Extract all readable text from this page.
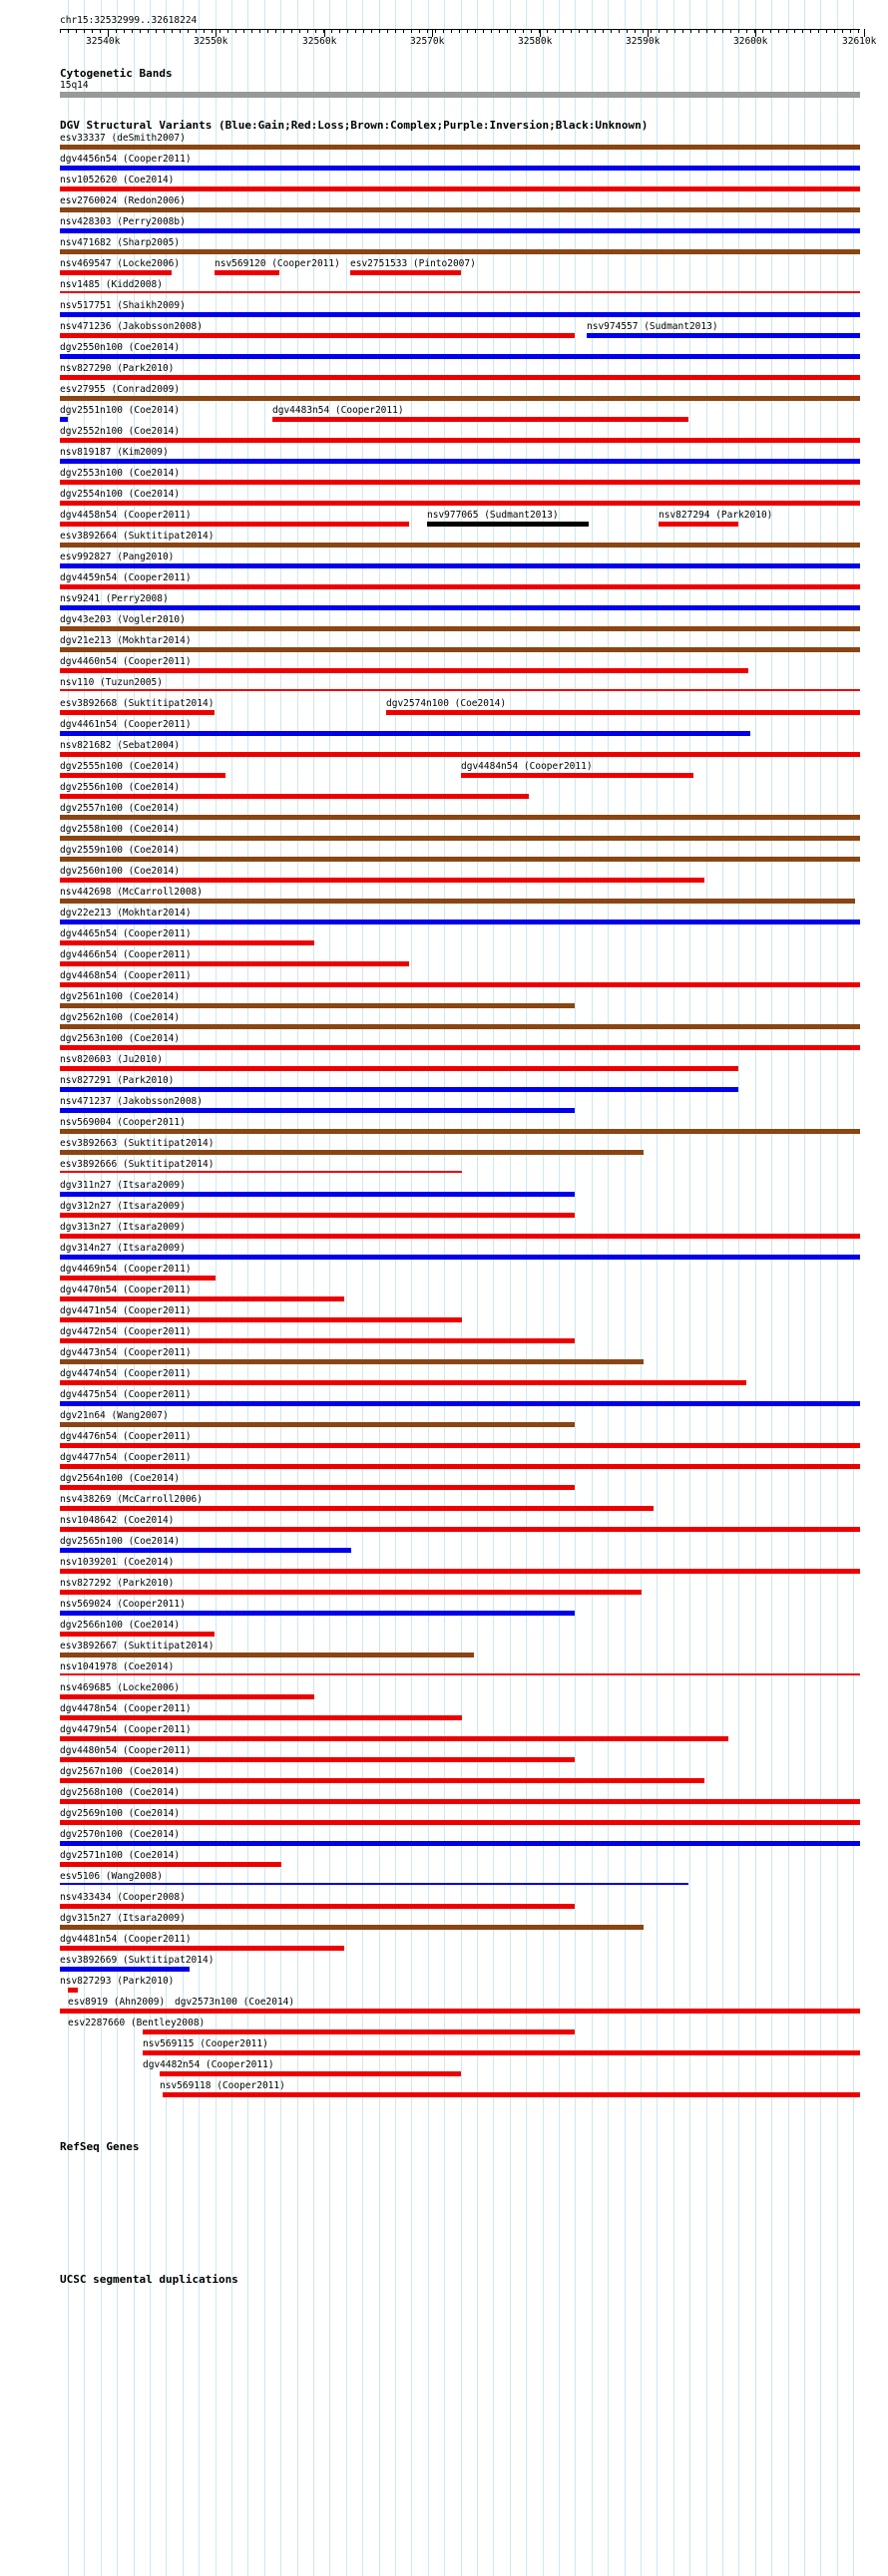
chr15:32532999..32618224
32540k	32550k	32560k	32570k	32580k	32590k	32600k	32610k
Cytogenetic Bands
15q14
DGV Structural Variants (Blue:Gain;Red:Loss;Brown:Complex;Purple:Inversion;Black:Unknown)
esv33337 (deSmith2007)
dgv4456n54 (Cooper2011)
nsv1052620 (Coe2014)
esv2760024 (Redon2006)
nsv428303 (Perry2008b)
nsv471682 (Sharp2005)
nsv469547 (Locke2006)	nsv569120 (Cooper2011) esv2751533 (Pinto2007)
nsv1485 (Kidd2008)
nsv517751 (Shaikh2009)
nsv471236 (Jakobsson2008)	nsv974557 (Sudmant2013)
dgv2550n100 (Coe2014)
nsv827290 (Park2010)
esv27955 (Conrad2009)
dgv2551n100 (Coe2014)	dgv4483n54 (Cooper2011)
dgv2552n100 (Coe2014)
nsv819187 (Kim2009)
dgv2553n100 (Coe2014)
dgv2554n100 (Coe2014)
dgv4458n54 (Cooper2011)	nsv977065 (Sudmant2013)	nsv827294 (Park2010)
esv3892664 (Suktitipat2014)
esv992827 (Pang2010)
dgv4459n54 (Cooper2011)
nsv9241 (Perry2008)
dgv43e203 (Vogler2010)
dgv21e213 (Mokhtar2014)
dgv4460n54 (Cooper2011)
nsv110 (Tuzun2005)
esv3892668 (Suktitipat2014)	dgv2574n100 (Coe2014)
dgv4461n54 (Cooper2011)
nsv821682 (Sebat2004)
dgv2555n100 (Coe2014)	dgv4484n54 (Cooper2011)
dgv2556n100 (Coe2014)
dgv2557n100 (Coe2014)
dgv2558n100 (Coe2014)
dgv2559n100 (Coe2014)
dgv2560n100 (Coe2014)
nsv442698 (McCarroll2008)
dgv22e213 (Mokhtar2014)
dgv4465n54 (Cooper2011)
dgv4466n54 (Cooper2011)
dgv4468n54 (Cooper2011)
dgv2561n100 (Coe2014)
dgv2562n100 (Coe2014)
dgv2563n100 (Coe2014)
nsv820603 (Ju2010)
nsv827291 (Park2010)
nsv471237 (Jakobsson2008)
nsv569004 (Cooper2011)
esv3892663 (Suktitipat2014)
esv3892666 (Suktitipat2014)
dgv311n27 (Itsara2009)
dgv312n27 (Itsara2009)
dgv313n27 (Itsara2009)
dgv314n27 (Itsara2009)
dgv4469n54 (Cooper2011)
dgv4470n54 (Cooper2011)
dgv4471n54 (Cooper2011)
dgv4472n54 (Cooper2011)
dgv4473n54 (Cooper2011)
dgv4474n54 (Cooper2011)
dgv4475n54 (Cooper2011)
dgv21n64 (Wang2007)
dgv4476n54 (Cooper2011)
dgv4477n54 (Cooper2011)
dgv2564n100 (Coe2014)
nsv438269 (McCarroll2006)
nsv1048642 (Coe2014)
dgv2565n100 (Coe2014)
nsv1039201 (Coe2014)
nsv827292 (Park2010)
nsv569024 (Cooper2011)
dgv2566n100 (Coe2014)
esv3892667 (Suktitipat2014)
nsv1041978 (Coe2014)
nsv469685 (Locke2006)
dgv4478n54 (Cooper2011)
dgv4479n54 (Cooper2011)
dgv4480n54 (Cooper2011)
dgv2567n100 (Coe2014)
dgv2568n100 (Coe2014)
dgv2569n100 (Coe2014)
dgv2570n100 (Coe2014)
dgv2571n100 (Coe2014)
esv5106 (Wang2008)
nsv433434 (Cooper2008)
dgv315n27 (Itsara2009)
dgv4481n54 (Cooper2011)
esv3892669 (Suktitipat2014)
nsv827293 (Park2010)
esv8919 (Ahn2009) dgv2573n100 (Coe2014)
esv2287660 (Bentley2008)
nsv569115 (Cooper2011)
dgv4482n54 (Cooper2011)
nsv569118 (Cooper2011)
RefSeq Genes
UCSC segmental duplications
